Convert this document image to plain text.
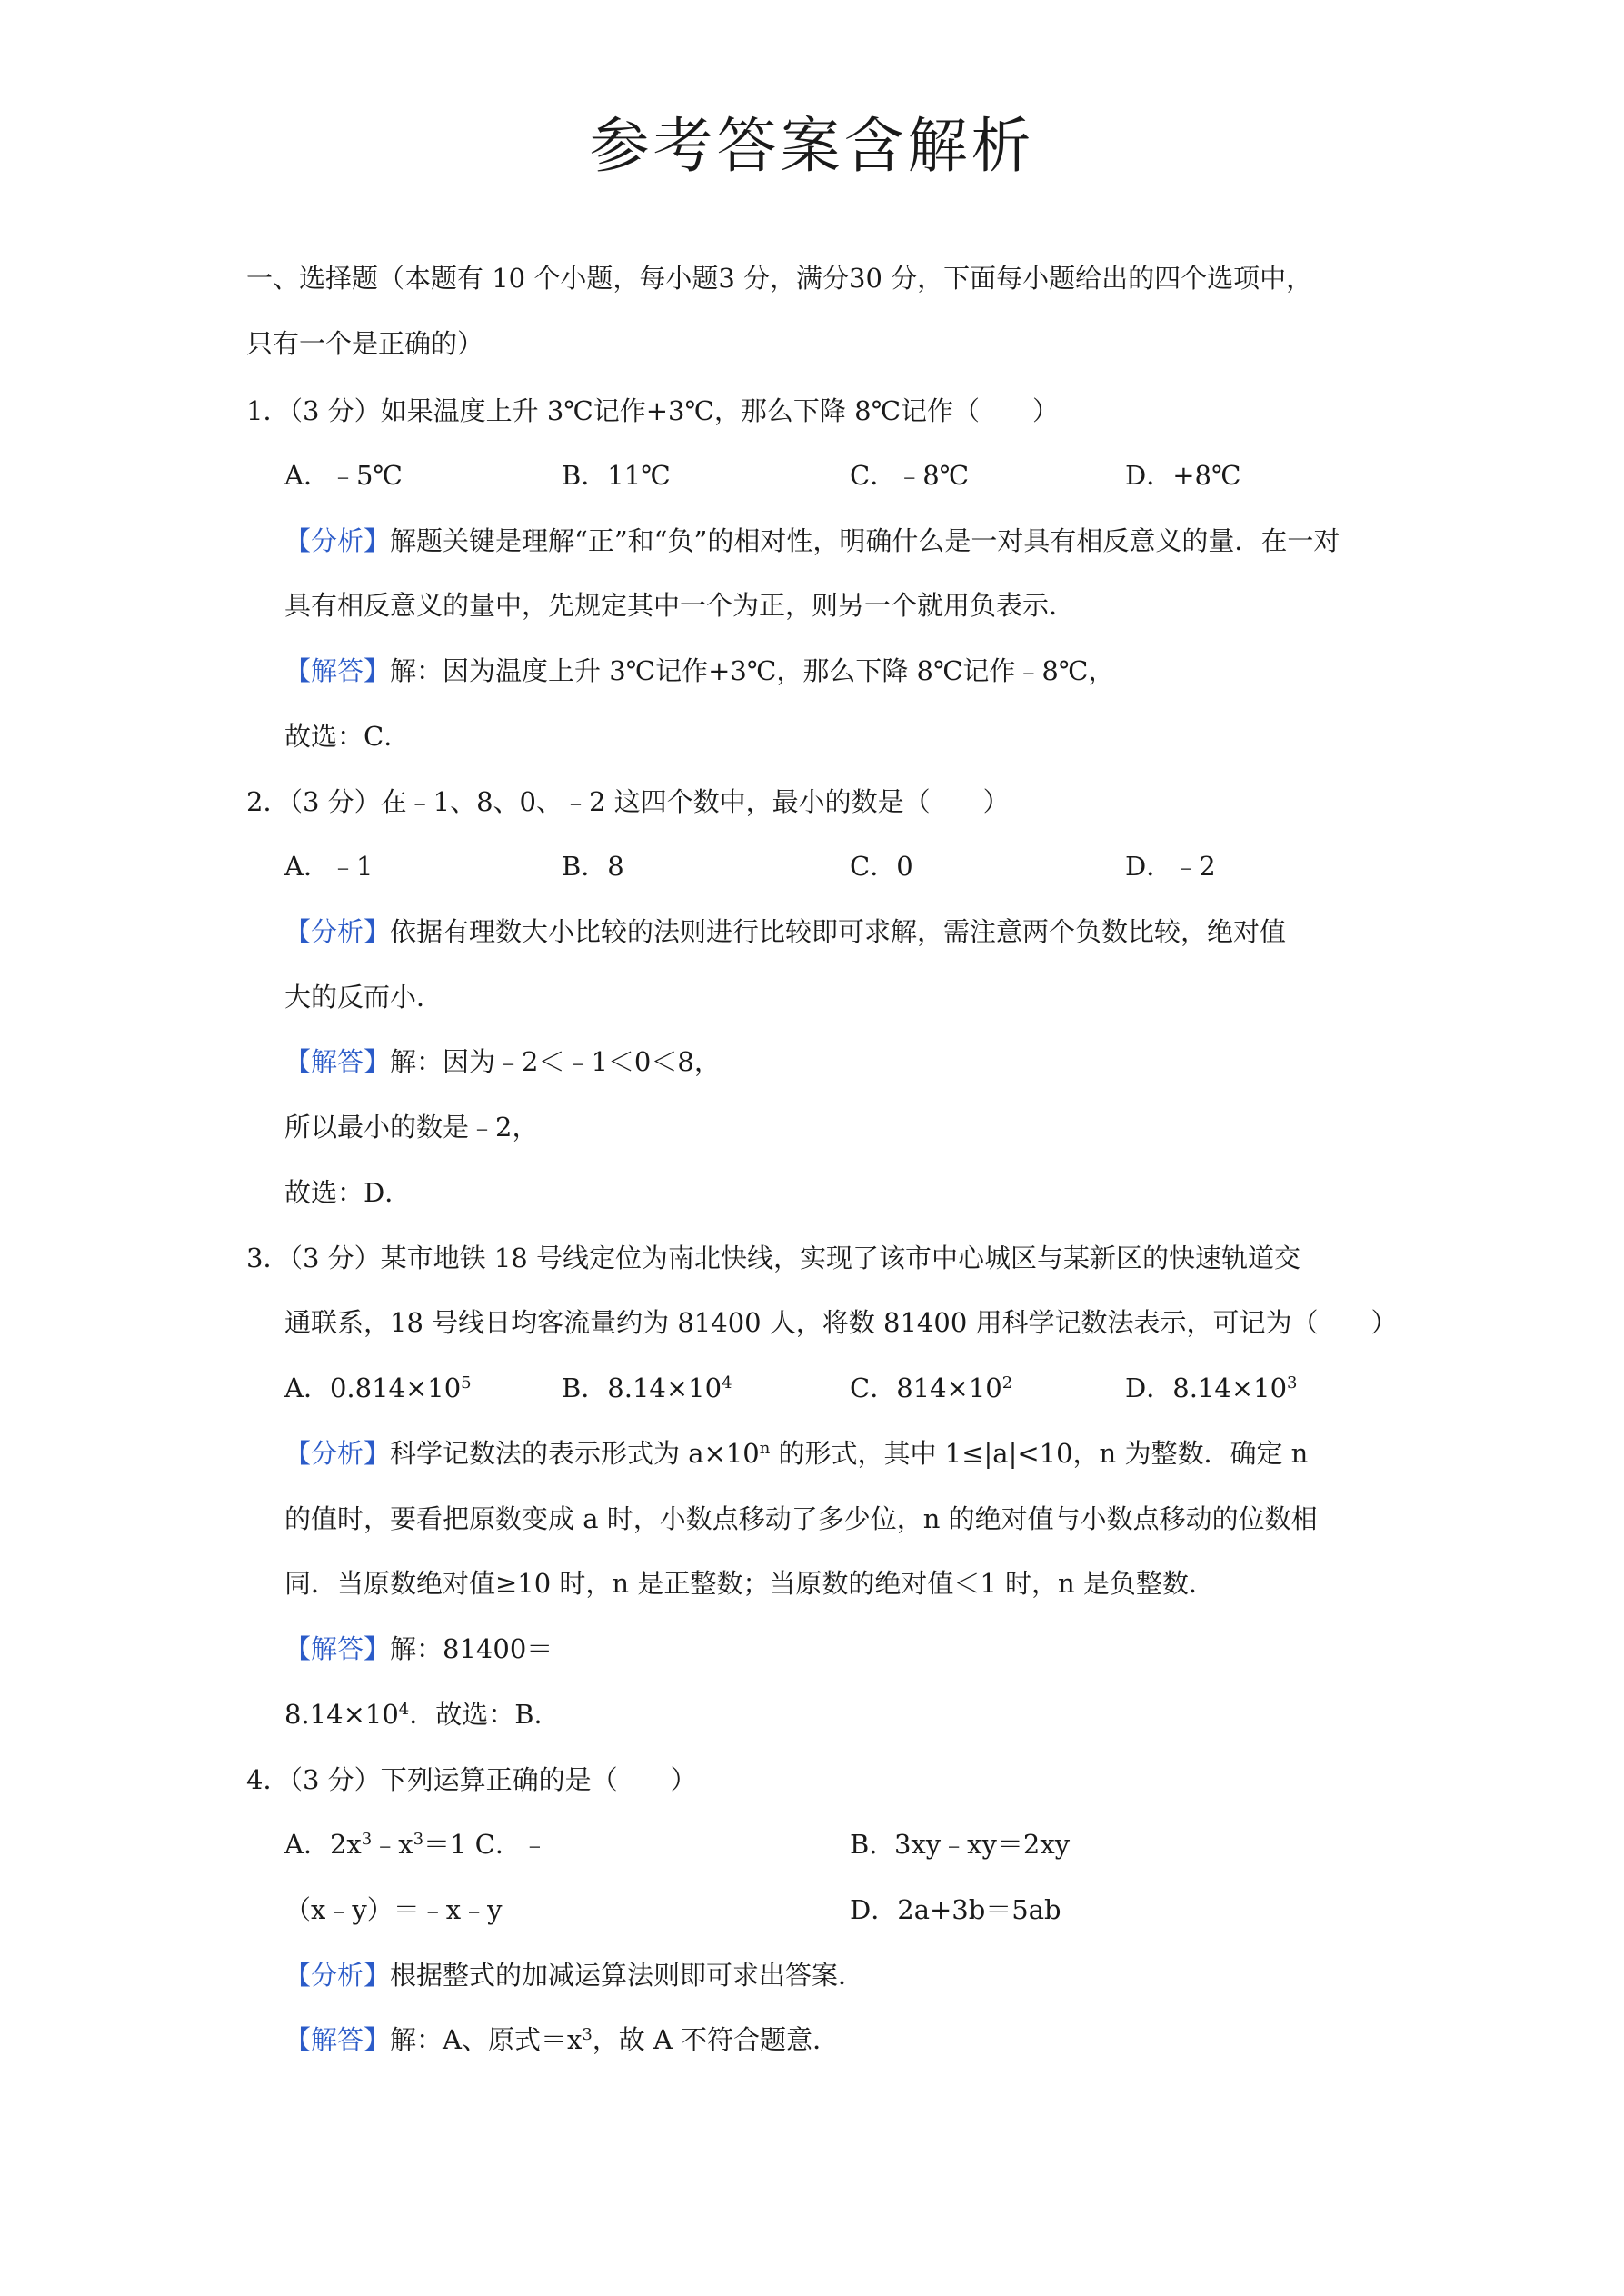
参考答案含解析
一、选择题（本题有 10 个小题，每小题3 分，满分30 分，下面每小题给出的四个选项中，
只有一个是正确的）
1．（3 分）如果温度上升 3℃记作+3℃，那么下降 8℃记作（　　）
A．﹣5℃	B．11℃	C．﹣8℃	D．+8℃
【分析】解题关键是理解“正”和“负”的相对性，明确什么是一对具有相反意义的量．在一对
具有相反意义的量中，先规定其中一个为正，则另一个就用负表示．
【解答】解：因为温度上升 3℃记作+3℃，那么下降 8℃记作﹣8℃，
故选：C．
2．（3 分）在﹣1、8、0、﹣2 这四个数中，最小的数是（　　）
A．﹣1	B．8	C．0	D．﹣2
【分析】依据有理数大小比较的法则进行比较即可求解，需注意两个负数比较，绝对值
大的反而小．
【解答】解：因为﹣2＜﹣1＜0＜8，
所以最小的数是﹣2，
故选：D．
3．（3 分）某市地铁 18 号线定位为南北快线，实现了该市中心城区与某新区的快速轨道交
通联系，18 号线日均客流量约为 81400 人，将数 81400 用科学记数法表示，可记为（　　）
A．$0.814\times 10^5$	B．$8.14\times 10^4$	C．$814\times 10^2$	D．$8.14\times 10^3$
【分析】科学记数法的表示形式为 $a\times 10^n$ 的形式，其中 1≤|a|<10，n 为整数．确定 n
的值时，要看把原数变成 a 时，小数点移动了多少位，n 的绝对值与小数点移动的位数相
同．当原数绝对值≥10 时，n 是正整数；当原数的绝对值＜1 时，n 是负整数．
【解答】解：81400＝
$8.14\times 10^4$．故选：B．
4．（3 分）下列运算正确的是（　　）
A．$2x^3﹣x^3=1$ C．﹣	B.  3xy﹣xy＝2xy
（x﹣y）＝﹣x﹣y	D．2a+3b＝5ab
【分析】根据整式的加减运算法则即可求出答案．
【解答】解：A、原式$=x^3$，故 A 不符合题意．
